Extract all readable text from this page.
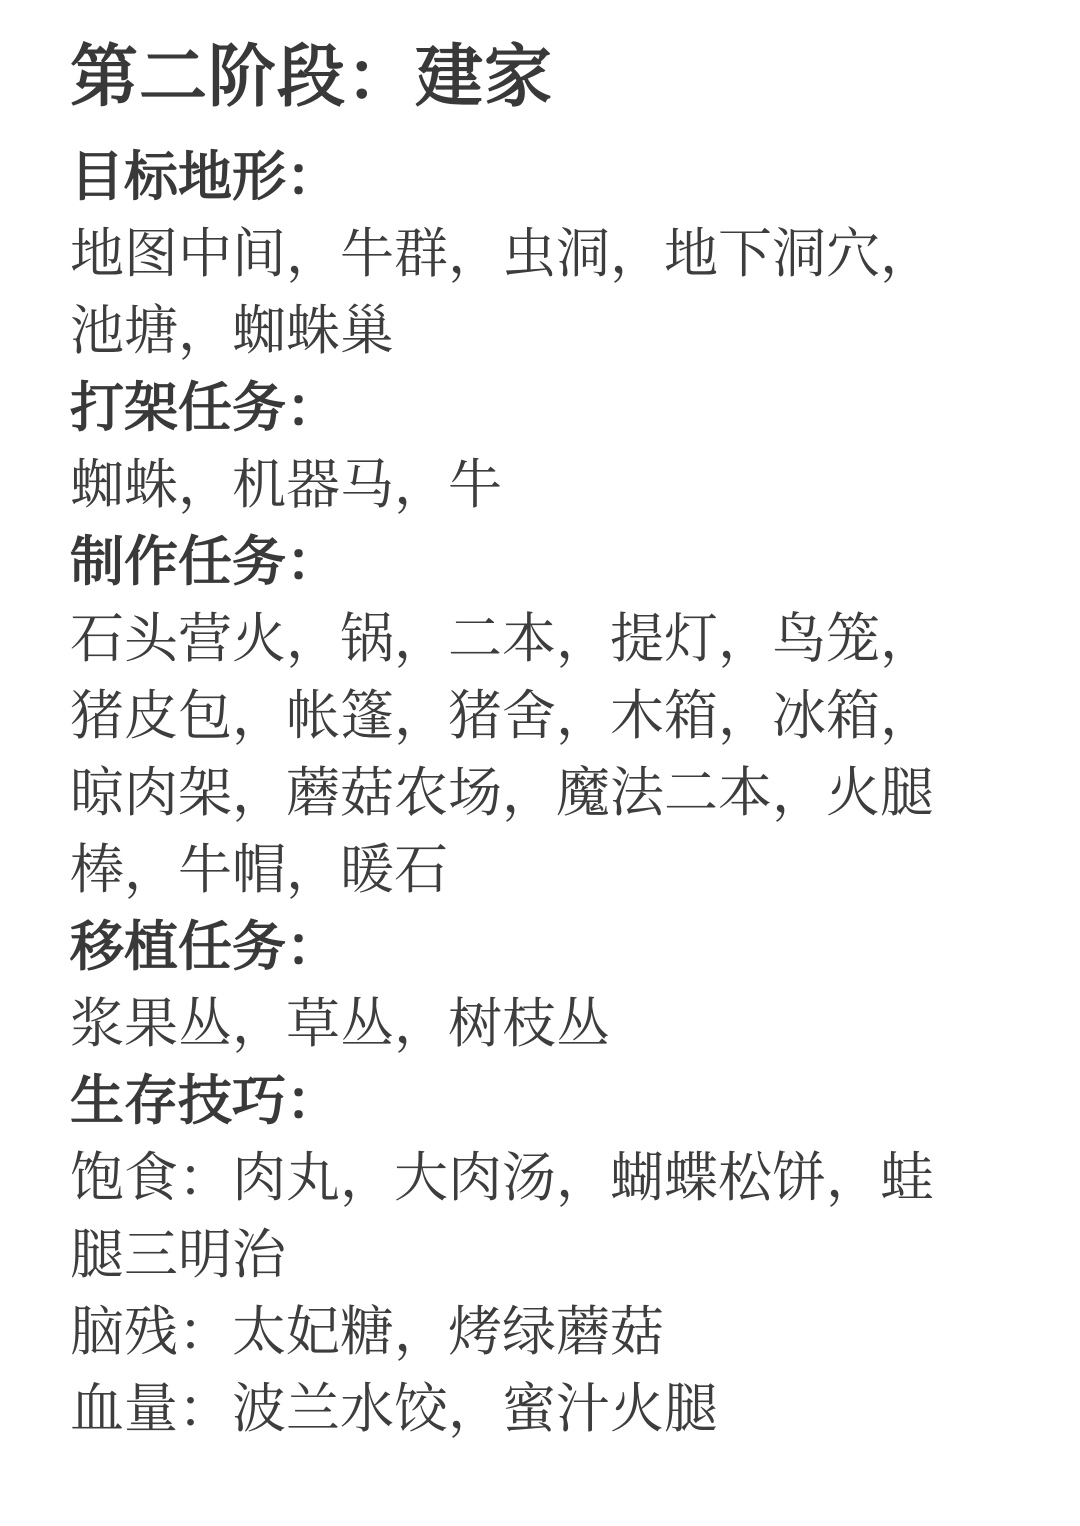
第二阶段：建家
目标地形：
地图中间，牛群，虫洞，地下洞穴，
池塘，蜘蛛巢
打架任务：
蜘蛛，机器马，牛
制作任务：
石头营火，锅，二本，提灯，鸟笼，
猪皮包，帐篷，猪舍，木箱，冰箱，
晾肉架，蘑菇农场，魔法二本，火腿
棒，牛帽，暖石
移植任务：
浆果丛，草丛，树枝丛
生存技巧：
饱食：肉丸，大肉汤，蝴蝶松饼，蛙
腿三明治
脑残：太妃糖，烤绿蘑菇
血量：波兰水饺，蜜汁火腿
